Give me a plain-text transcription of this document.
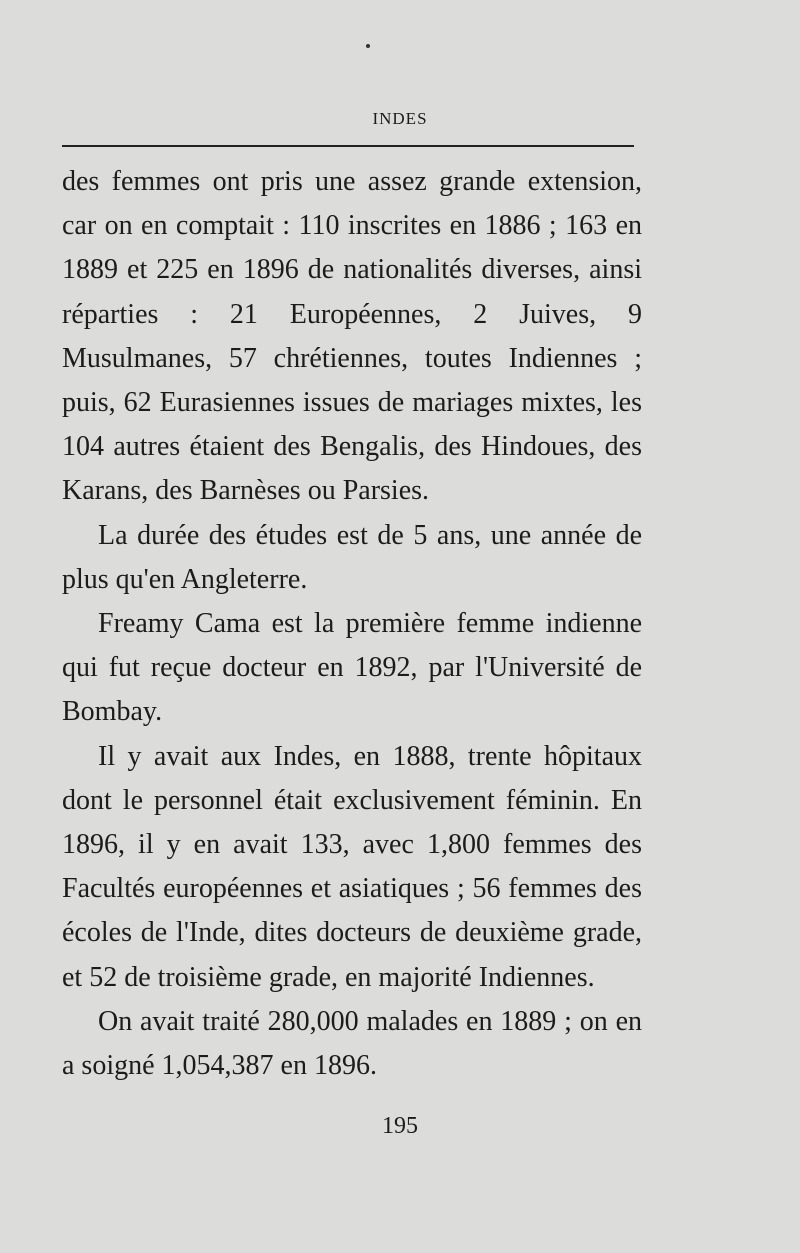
INDES

des femmes ont pris une assez grande extension, car on en comptait : 110 inscrites en 1886 ; 163 en 1889 et 225 en 1896 de nationalités diverses, ainsi réparties : 21 Européennes, 2 Juives, 9 Musulmanes, 57 chrétiennes, toutes Indiennes ; puis, 62 Eurasiennes issues de mariages mixtes, les 104 autres étaient des Bengalis, des Hindoues, des Karans, des Barnèses ou Parsies.

La durée des études est de 5 ans, une année de plus qu'en Angleterre.

Freamy Cama est la première femme indienne qui fut reçue docteur en 1892, par l'Université de Bombay.

Il y avait aux Indes, en 1888, trente hôpitaux dont le personnel était exclusivement féminin. En 1896, il y en avait 133, avec 1,800 femmes des Facultés européennes et asiatiques ; 56 femmes des écoles de l'Inde, dites docteurs de deuxième grade, et 52 de troisième grade, en majorité Indiennes.

On avait traité 280,000 malades en 1889 ; on en a soigné 1,054,387 en 1896.

195
